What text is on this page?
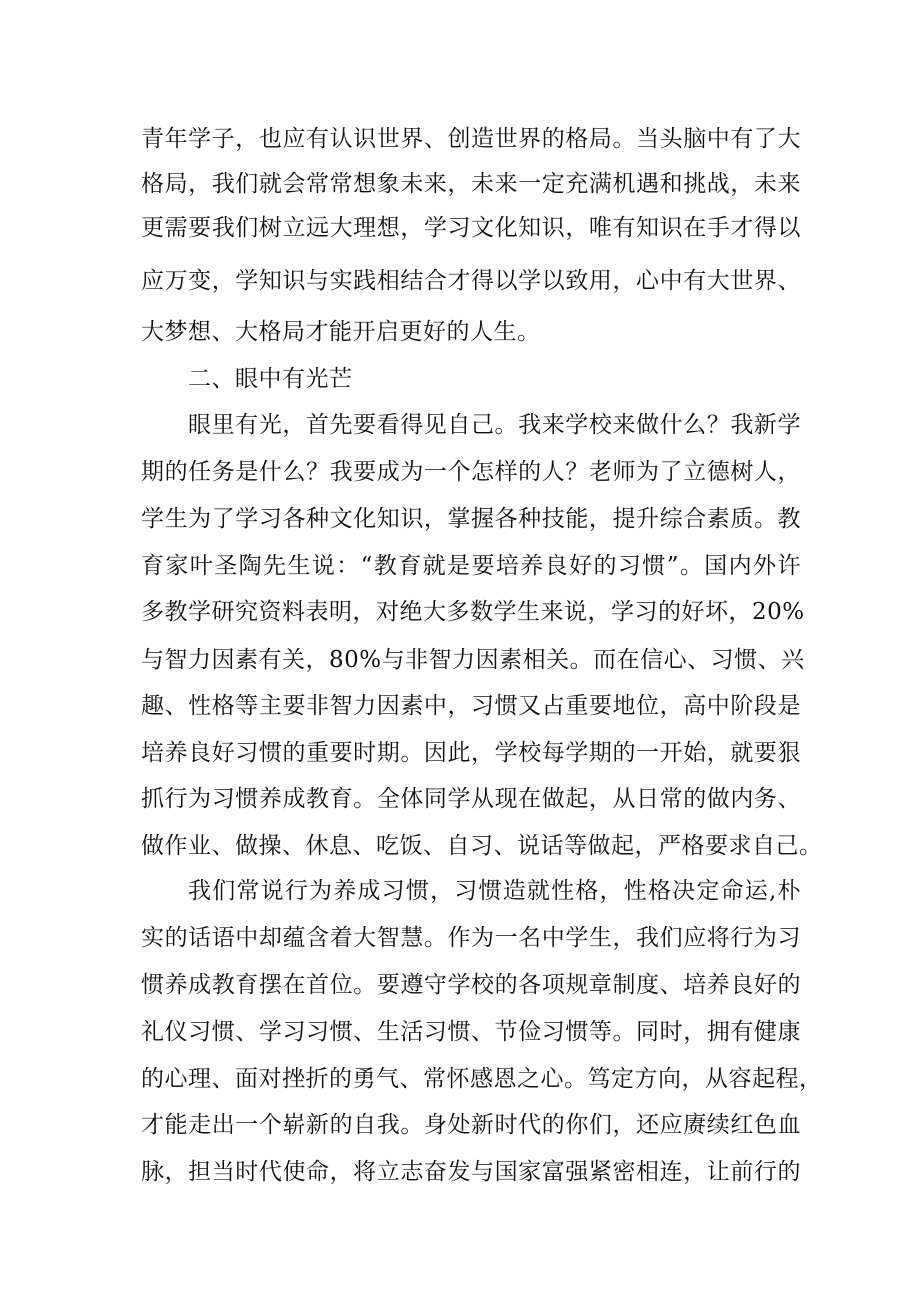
青年学子，也应有认识世界、创造世界的格局。当头脑中有了大
格局，我们就会常常想象未来，未来一定充满机遇和挑战，未来
更需要我们树立远大理想，学习文化知识，唯有知识在手才得以
应万变，学知识与实践相结合才得以学以致用，心中有大世界、
大梦想、大格局才能开启更好的人生。
二、眼中有光芒
眼里有光，首先要看得见自己。我来学校来做什么？我新学
期的任务是什么？我要成为一个怎样的人？老师为了立德树人，
学生为了学习各种文化知识，掌握各种技能，提升综合素质。教
育家叶圣陶先生说：“教育就是要培养良好的习惯”。国内外许
多教学研究资料表明，对绝大多数学生来说，学习的好坏，20%
与智力因素有关，80%与非智力因素相关。而在信心、习惯、兴
趣、性格等主要非智力因素中，习惯又占重要地位，高中阶段是
培养良好习惯的重要时期。因此，学校每学期的一开始，就要狠
抓行为习惯养成教育。全体同学从现在做起，从日常的做内务、
做作业、做操、休息、吃饭、自习、说话等做起，严格要求自己。
我们常说行为养成习惯，习惯造就性格，性格决定命运,朴
实的话语中却蕴含着大智慧。作为一名中学生，我们应将行为习
惯养成教育摆在首位。要遵守学校的各项规章制度、培养良好的
礼仪习惯、学习习惯、生活习惯、节俭习惯等。同时，拥有健康
的心理、面对挫折的勇气、常怀感恩之心。笃定方向，从容起程，
才能走出一个崭新的自我。身处新时代的你们，还应赓续红色血
脉，担当时代使命，将立志奋发与国家富强紧密相连，让前行的
